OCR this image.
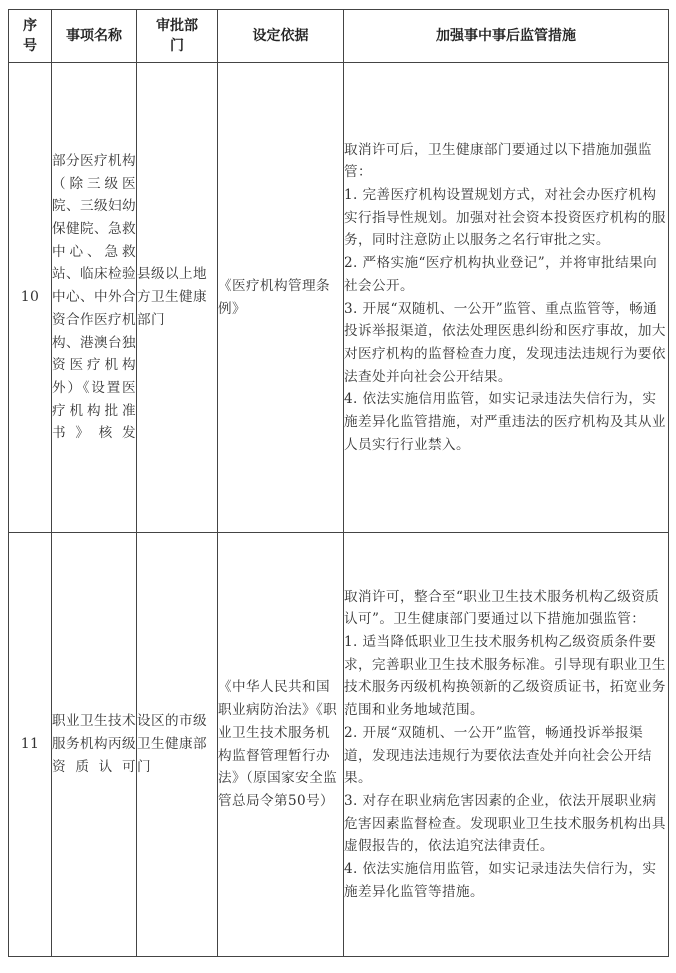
序号	事项名称	审批部门	设定依据	加强事中事后监管措施
10	部分医疗机构（除三级医院、三级妇幼保健院、急救中心、急救站、临床检验中心、中外合资合作医疗机构、港澳台独资医疗机构外）《设置医疗机构批准书》核发	县级以上地方卫生健康部门	《医疗机构管理条例》	取消许可后，卫生健康部门要通过以下措施加强监管：
1. 完善医疗机构设置规划方式，对社会办医疗机构实行指导性规划。加强对社会资本投资医疗机构的服务，同时注意防止以服务之名行审批之实。
2. 严格实施“医疗机构执业登记”，并将审批结果向社会公开。
3. 开展“双随机、一公开”监管、重点监管等，畅通投诉举报渠道，依法处理医患纠纷和医疗事故，加大对医疗机构的监督检查力度，发现违法违规行为要依法查处并向社会公开结果。
4. 依法实施信用监管，如实记录违法失信行为，实施差异化监管措施，对严重违法的医疗机构及其从业人员实行行业禁入。

11	职业卫生技术服务机构丙级资质认可	设区的市级卫生健康部门	《中华人民共和国职业病防治法》《职业卫生技术服务机构监督管理暂行办法》（原国家安全监管总局令第50号）	取消许可，整合至“职业卫生技术服务机构乙级资质认可”。卫生健康部门要通过以下措施加强监管：
1. 适当降低职业卫生技术服务机构乙级资质条件要求，完善职业卫生技术服务标准。引导现有职业卫生技术服务丙级机构换领新的乙级资质证书，拓宽业务范围和业务地域范围。
2. 开展“双随机、一公开”监管，畅通投诉举报渠道，发现违法违规行为要依法查处并向社会公开结果。
3. 对存在职业病危害因素的企业，依法开展职业病危害因素监督检查。发现职业卫生技术服务机构出具虚假报告的，依法追究法律责任。
4. 依法实施信用监管，如实记录违法失信行为，实施差异化监管等措施。
